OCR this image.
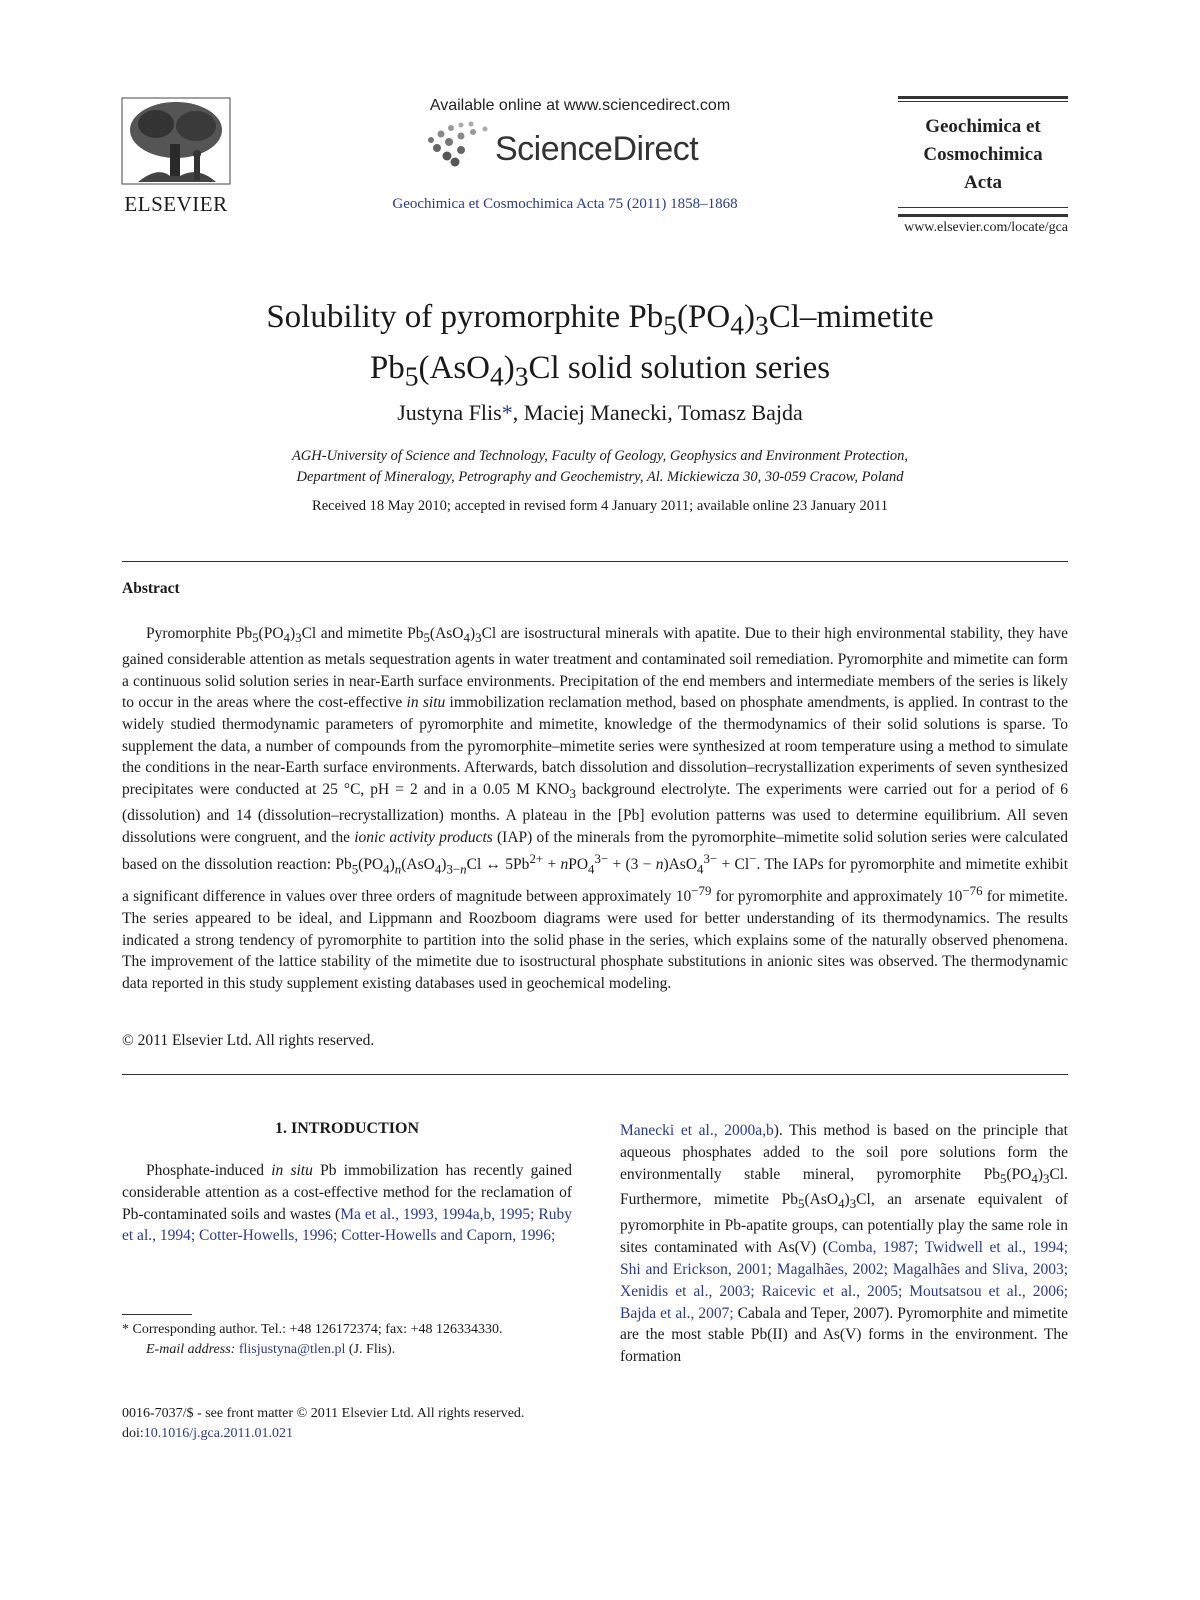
ELSEVIER
Available online at www.sciencedirect.com
ScienceDirect
Geochimica et Cosmochimica Acta 75 (2011) 1858–1868
Geochimica et
Cosmochimica
Acta
www.elsevier.com/locate/gca
Solubility of pyromorphite $Pb_5(PO_4)_3Cl$–mimetite
$Pb_5(AsO_4)_3Cl$ solid solution series
Justyna Flis*, Maciej Manecki, Tomasz Bajda
AGH-University of Science and Technology, Faculty of Geology, Geophysics and Environment Protection,
Department of Mineralogy, Petrography and Geochemistry, Al. Mickiewicza 30, 30-059 Cracow, Poland
Received 18 May 2010; accepted in revised form 4 January 2011; available online 23 January 2011
Abstract
Pyromorphite $Pb_5(PO_4)_3Cl$ and mimetite $Pb_5(AsO_4)_3Cl$ are isostructural minerals with apatite. Due to their high environmental stability, they have gained considerable attention as metals sequestration agents in water treatment and contaminated soil remediation. Pyromorphite and mimetite can form a continuous solid solution series in near-Earth surface environments. Precipitation of the end members and intermediate members of the series is likely to occur in the areas where the cost-effective in situ immobilization reclamation method, based on phosphate amendments, is applied. In contrast to the widely studied thermodynamic parameters of pyromorphite and mimetite, knowledge of the thermodynamics of their solid solutions is sparse. To supplement the data, a number of compounds from the pyromorphite–mimetite series were synthesized at room temperature using a method to simulate the conditions in the near-Earth surface environments. Afterwards, batch dissolution and dissolution–recrystallization experiments of seven synthesized precipitates were conducted at 25 °C, pH = 2 and in a 0.05 M $KNO_3$ background electrolyte. The experiments were carried out for a period of 6 (dissolution) and 14 (dissolution–recrystallization) months. A plateau in the [Pb] evolution patterns was used to determine equilibrium. All seven dissolutions were congruent, and the ionic activity products (IAP) of the minerals from the pyromorphite–mimetite solid solution series were calculated based on the dissolution reaction: $Pb_5(PO_4)_n(AsO_4)_{3-n}Cl$ ↔ $5Pb^{2+} + nPO_4^{3-} + (3 - n)AsO_4^{3-} + Cl^-$. The IAPs for pyromorphite and mimetite exhibit a significant difference in values over three orders of magnitude between approximately $10^{-79}$ for pyromorphite and approximately $10^{-76}$ for mimetite. The series appeared to be ideal, and Lippmann and Roozboom diagrams were used for better understanding of its thermodynamics. The results indicated a strong tendency of pyromorphite to partition into the solid phase in the series, which explains some of the naturally observed phenomena. The improvement of the lattice stability of the mimetite due to isostructural phosphate substitutions in anionic sites was observed. The thermodynamic data reported in this study supplement existing databases used in geochemical modeling.
© 2011 Elsevier Ltd. All rights reserved.
1. INTRODUCTION
Phosphate-induced in situ Pb immobilization has recently gained considerable attention as a cost-effective method for the reclamation of Pb-contaminated soils and wastes (Ma et al., 1993, 1994a,b, 1995; Ruby et al., 1994; Cotter-Howells, 1996; Cotter-Howells and Caporn, 1996;
Manecki et al., 2000a,b). This method is based on the principle that aqueous phosphates added to the soil pore solutions form the environmentally stable mineral, pyromorphite $Pb_5(PO_4)_3Cl$. Furthermore, mimetite $Pb_5(AsO_4)_3Cl$, an arsenate equivalent of pyromorphite in Pb-apatite groups, can potentially play the same role in sites contaminated with As(V) (Comba, 1987; Twidwell et al., 1994; Shi and Erickson, 2001; Magalhães, 2002; Magalhães and Sliva, 2003; Xenidis et al., 2003; Raicevic et al., 2005; Moutsatsou et al., 2006; Bajda et al., 2007; Cabala and Teper, 2007). Pyromorphite and mimetite are the most stable Pb(II) and As(V) forms in the environment. The formation
* Corresponding author. Tel.: +48 126172374; fax: +48 126334330.
E-mail address: flisjustyna@tlen.pl (J. Flis).
0016-7037/$ - see front matter © 2011 Elsevier Ltd. All rights reserved.
doi:10.1016/j.gca.2011.01.021
